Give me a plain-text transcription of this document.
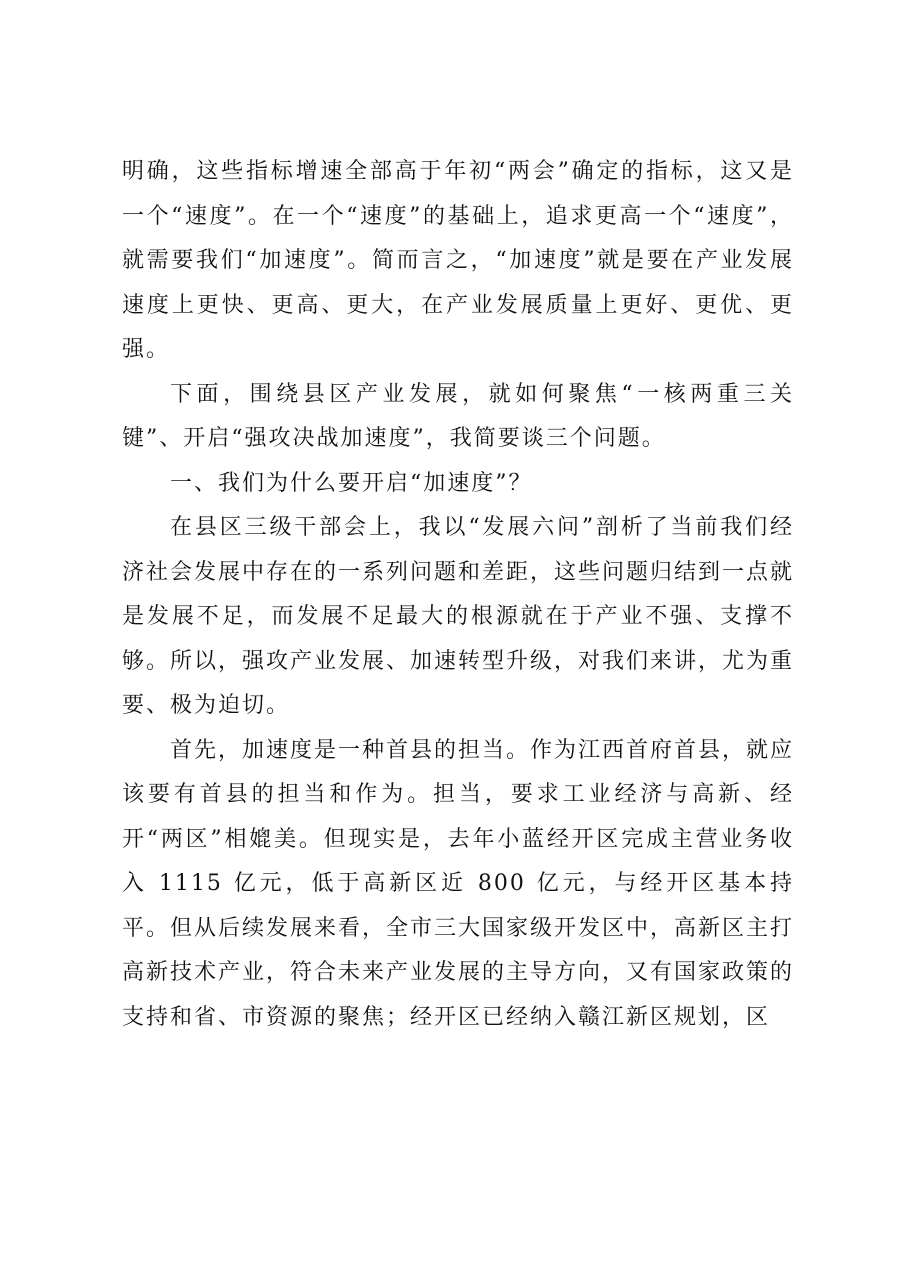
明确，这些指标增速全部高于年初“两会”确定的指标，这又是一个“速度”。在一个“速度”的基础上，追求更高一个“速度”，就需要我们“加速度”。简而言之，“加速度”就是要在产业发展速度上更快、更高、更大，在产业发展质量上更好、更优、更强。

下面，围绕县区产业发展，就如何聚焦“一核两重三关键”、开启“强攻决战加速度”，我简要谈三个问题。

一、我们为什么要开启“加速度”？

在县区三级干部会上，我以“发展六问”剖析了当前我们经济社会发展中存在的一系列问题和差距，这些问题归结到一点就是发展不足，而发展不足最大的根源就在于产业不强、支撑不够。所以，强攻产业发展、加速转型升级，对我们来讲，尤为重要、极为迫切。

首先，加速度是一种首县的担当。作为江西首府首县，就应该要有首县的担当和作为。担当，要求工业经济与高新、经开“两区”相媲美。但现实是，去年小蓝经开区完成主营业务收入 1115 亿元，低于高新区近 800 亿元，与经开区基本持平。但从后续发展来看，全市三大国家级开发区中，高新区主打高新技术产业，符合未来产业发展的主导方向，又有国家政策的支持和省、市资源的聚焦；经开区已经纳入赣江新区规划，区
